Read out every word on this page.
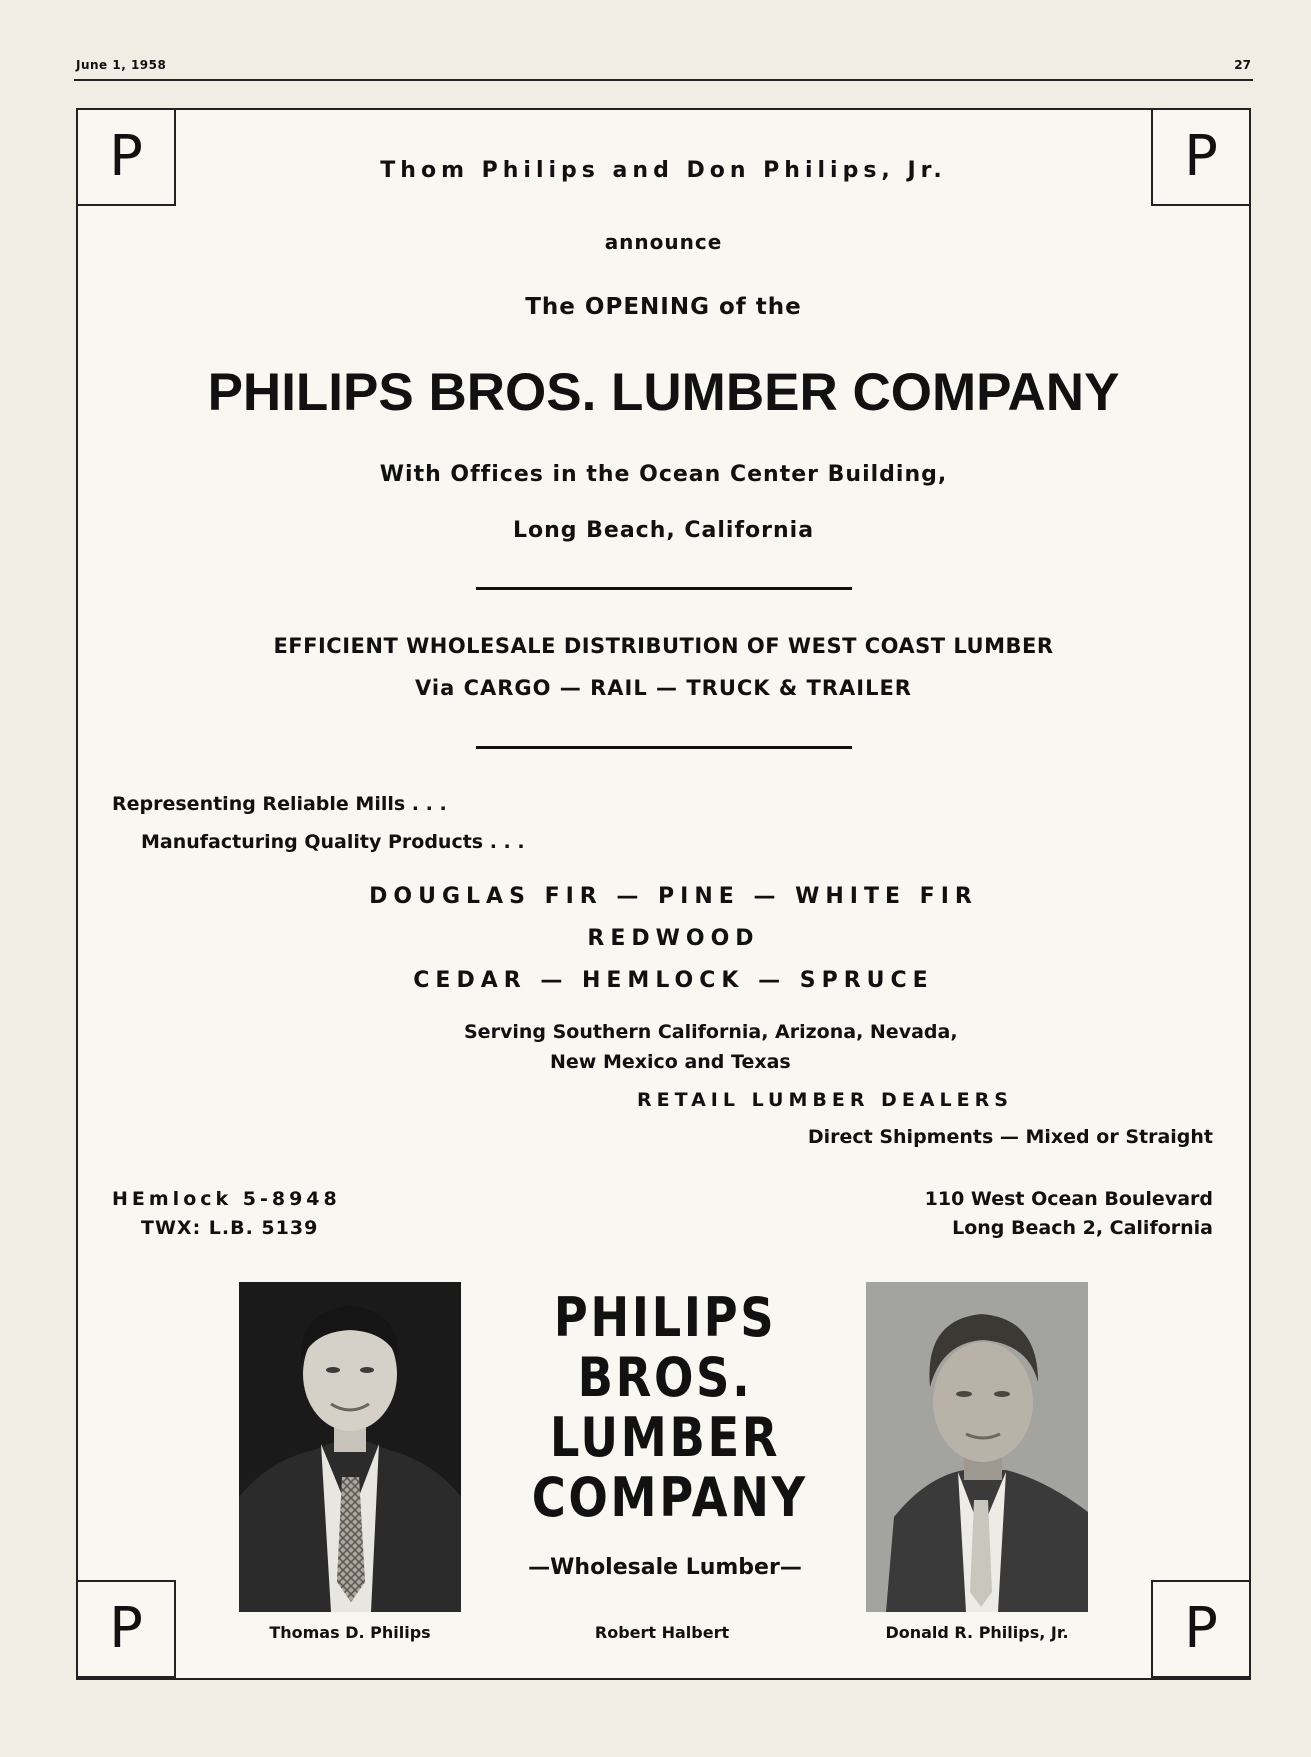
June 1, 1958	27
P	P
P	P
Thom Philips and Don Philips, Jr.
announce
The OPENING of the
PHILIPS BROS. LUMBER COMPANY
With Offices in the Ocean Center Building,
Long Beach, California
EFFICIENT WHOLESALE DISTRIBUTION OF WEST COAST LUMBER
Via CARGO — RAIL — TRUCK & TRAILER
Representing Reliable Mills . . .
Manufacturing Quality Products . . .
DOUGLAS FIR — PINE — WHITE FIR
REDWOOD
CEDAR — HEMLOCK — SPRUCE
Serving Southern California, Arizona, Nevada,
New Mexico and Texas
RETAIL LUMBER DEALERS
Direct Shipments — Mixed or Straight
HEmlock 5-8948
TWX: L.B. 5139
110 West Ocean Boulevard
Long Beach 2, California
PHILIPS
BROS.
LUMBER
COMPANY
—Wholesale Lumber—
Thomas D. Philips	Robert Halbert	Donald R. Philips, Jr.
